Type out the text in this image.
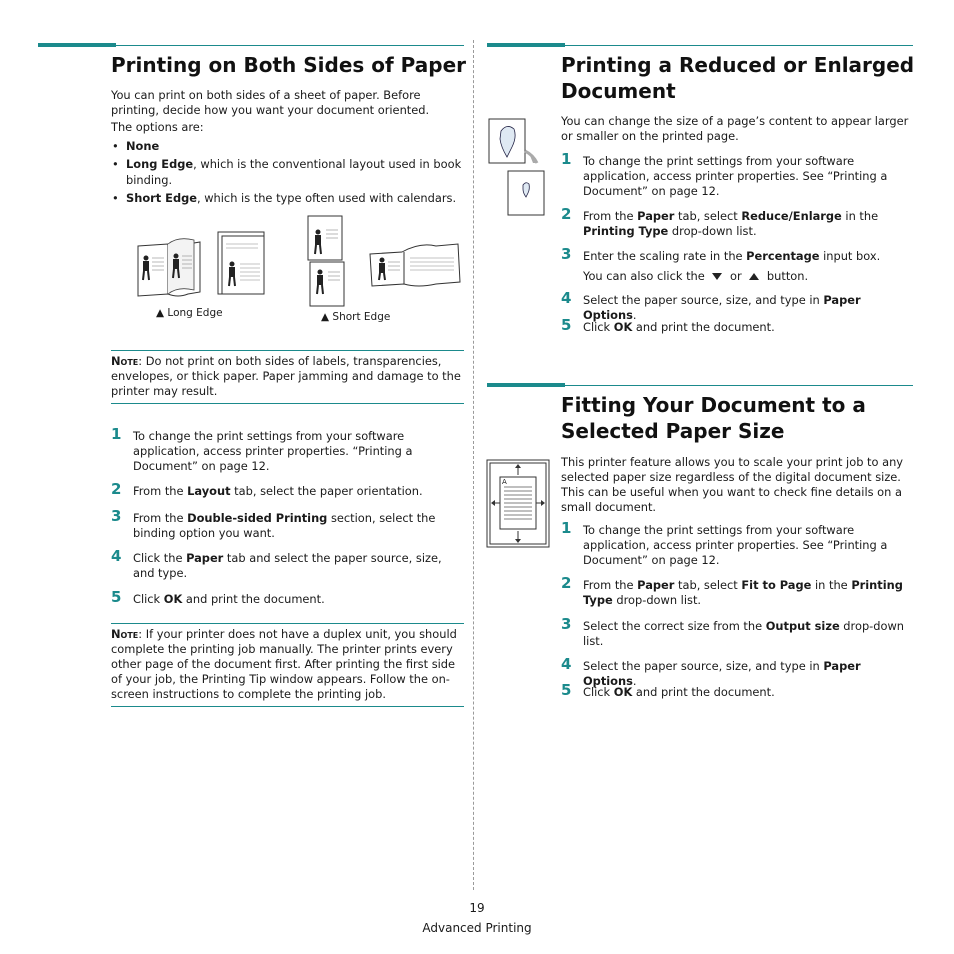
Printing on Both Sides of Paper
You can print on both sides of a sheet of paper. Before printing, decide how you want your document oriented.
The options are:
• None
• Long Edge, which is the conventional layout used in book binding.
• Short Edge, which is the type often used with calendars.
▲ Long Edge	▲ Short Edge
Note: Do not print on both sides of labels, transparencies, envelopes, or thick paper. Paper jamming and damage to the printer may result.
1 To change the print settings from your software application, access printer properties. “Printing a Document” on page 12.
2 From the Layout tab, select the paper orientation.
3 From the Double-sided Printing section, select the binding option you want.
4 Click the Paper tab and select the paper source, size, and type.
5 Click OK and print the document.
Note: If your printer does not have a duplex unit, you should complete the printing job manually. The printer prints every other page of the document first. After printing the first side of your job, the Printing Tip window appears. Follow the on-screen instructions to complete the printing job.
Printing a Reduced or Enlarged
Document
You can change the size of a page’s content to appear larger or smaller on the printed page.
1 To change the print settings from your software application, access printer properties. See “Printing a Document” on page 12.
2 From the Paper tab, select Reduce/Enlarge in the Printing Type drop-down list.
3 Enter the scaling rate in the Percentage input box.
4 Select the paper source, size, and type in Paper Options.
5 Click OK and print the document.
You can also click the  or  button.
Fitting Your Document to a
Selected Paper Size
A
This printer feature allows you to scale your print job to any selected paper size regardless of the digital document size. This can be useful when you want to check fine details on a small document.
1 To change the print settings from your software application, access printer properties. See “Printing a Document” on page 12.
2 From the Paper tab, select Fit to Page in the Printing Type drop-down list.
3 Select the correct size from the Output size drop-down list.
4 Select the paper source, size, and type in Paper Options.
5 Click OK and print the document.
19
Advanced Printing
